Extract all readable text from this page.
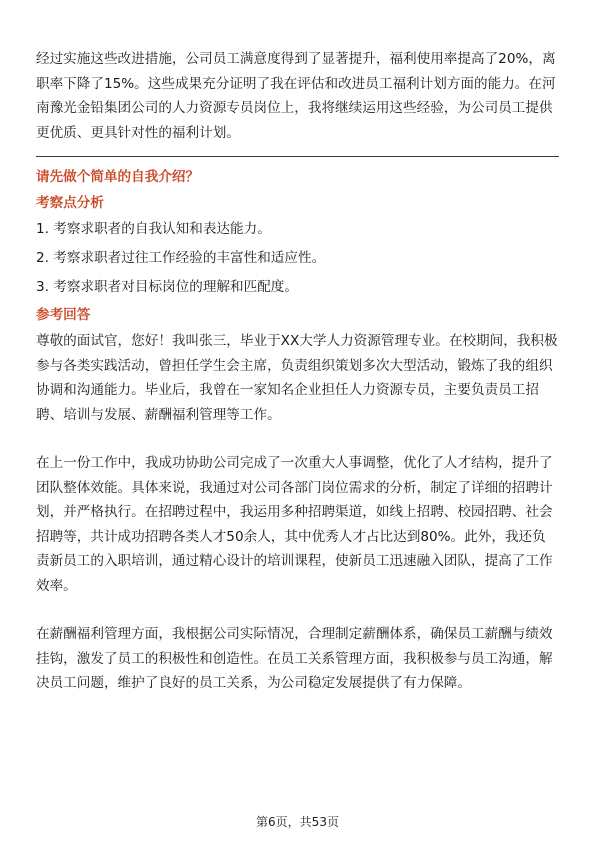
经过实施这些改进措施，公司员工满意度得到了显著提升，福利使用率提高了20%，离职率下降了15%。这些成果充分证明了我在评估和改进员工福利计划方面的能力。在河南豫光金铅集团公司的人力资源专员岗位上，我将继续运用这些经验，为公司员工提供更优质、更具针对性的福利计划。

请先做个简单的自我介绍？

考察点分析

1. 考察求职者的自我认知和表达能力。

2. 考察求职者过往工作经验的丰富性和适应性。

3. 考察求职者对目标岗位的理解和匹配度。

参考回答

尊敬的面试官，您好！我叫张三，毕业于XX大学人力资源管理专业。在校期间，我积极参与各类实践活动，曾担任学生会主席，负责组织策划多次大型活动，锻炼了我的组织协调和沟通能力。毕业后，我曾在一家知名企业担任人力资源专员，主要负责员工招聘、培训与发展、薪酬福利管理等工作。

在上一份工作中，我成功协助公司完成了一次重大人事调整，优化了人才结构，提升了团队整体效能。具体来说，我通过对公司各部门岗位需求的分析，制定了详细的招聘计划，并严格执行。在招聘过程中，我运用多种招聘渠道，如线上招聘、校园招聘、社会招聘等，共计成功招聘各类人才50余人，其中优秀人才占比达到80%。此外，我还负责新员工的入职培训，通过精心设计的培训课程，使新员工迅速融入团队，提高了工作效率。

在薪酬福利管理方面，我根据公司实际情况，合理制定薪酬体系，确保员工薪酬与绩效挂钩，激发了员工的积极性和创造性。在员工关系管理方面，我积极参与员工沟通，解决员工问题，维护了良好的员工关系，为公司稳定发展提供了有力保障。

第6页，共53页
